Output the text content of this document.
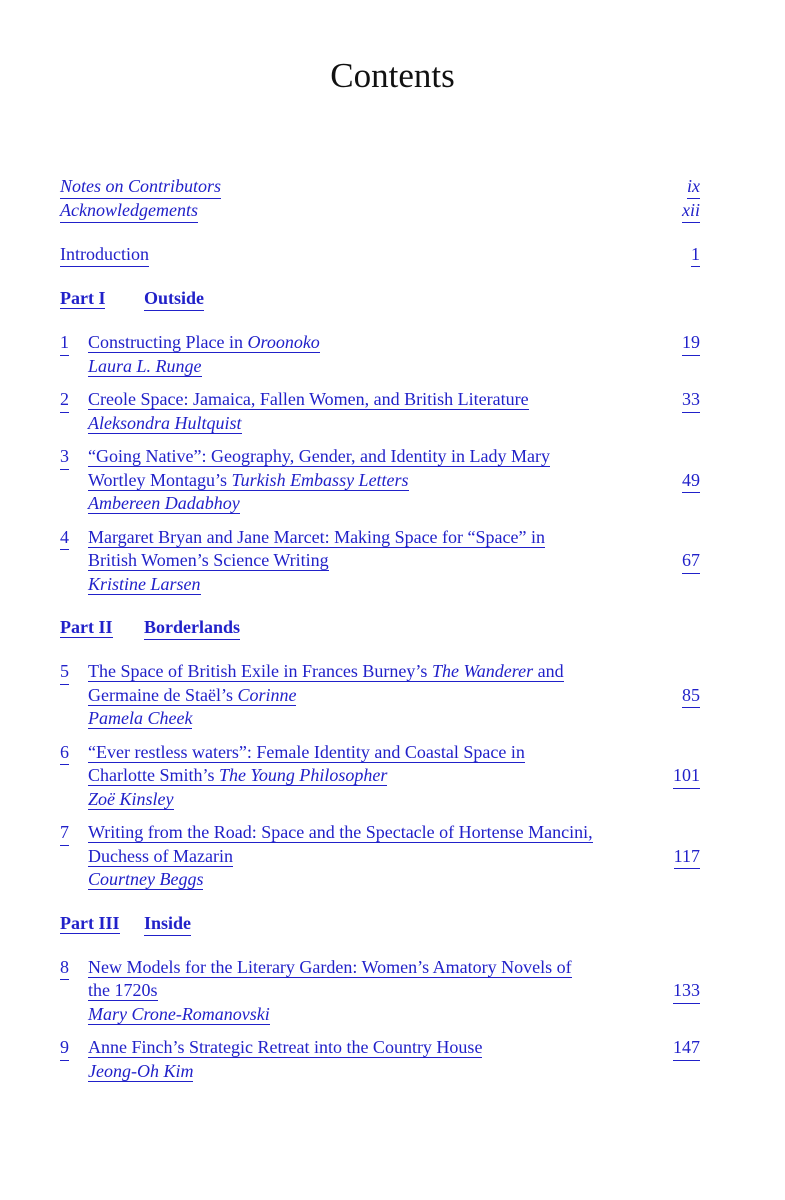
Contents
Notes on Contributors	ix
Acknowledgements	xii
Introduction	1
Part I	Outside
1 Constructing Place in Oroonoko	19
Laura L. Runge
2 Creole Space: Jamaica, Fallen Women, and British Literature	33
Aleksondra Hultquist
3 “Going Native”: Geography, Gender, and Identity in Lady Mary
Wortley Montagu’s Turkish Embassy Letters	49
Ambereen Dadabhoy
4 Margaret Bryan and Jane Marcet: Making Space for “Space” in
British Women’s Science Writing	67
Kristine Larsen
Part II	Borderlands
5 The Space of British Exile in Frances Burney’s The Wanderer and
Germaine de Staël’s Corinne	85
Pamela Cheek
6 “Ever restless waters”: Female Identity and Coastal Space in
Charlotte Smith’s The Young Philosopher	101
Zoë Kinsley
7 Writing from the Road: Space and the Spectacle of Hortense Mancini,
Duchess of Mazarin	117
Courtney Beggs
Part III	Inside
8 New Models for the Literary Garden: Women’s Amatory Novels of
the 1720s	133
Mary Crone-Romanovski
9 Anne Finch’s Strategic Retreat into the Country House	147
Jeong-Oh Kim
